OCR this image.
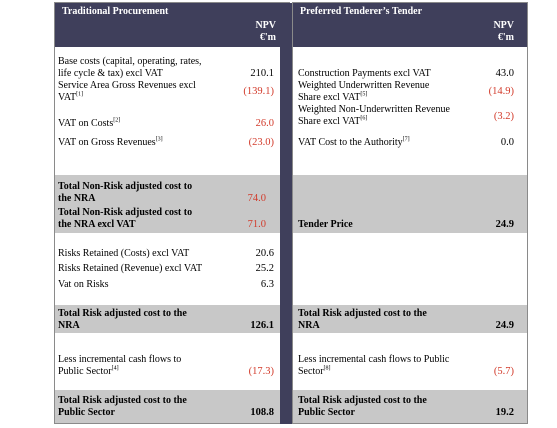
Traditional Procurement
NPV
€'m
Preferred Tenderer’s Tender
NPV
€'m
Base costs (capital, operating, rates,
life cycle & tax) excl VAT	210.1
Service Area Gross Revenues excl
VAT[1]	(139.1)
VAT on Costs[2]	26.0
VAT on Gross Revenues[3]	(23.0)
Total Non-Risk adjusted cost to
the NRA	74.0
Total Non-Risk adjusted cost to
the NRA excl VAT	71.0
Risks Retained (Costs) excl VAT	20.6
Risks Retained (Revenue) excl VAT	25.2
Vat on Risks	6.3
Total Risk adjusted cost to the
NRA	126.1
Less incremental cash flows to
Public Sector[4]	(17.3)
Total Risk adjusted cost to the
Public Sector	108.8
Construction Payments excl VAT	43.0
Weighted Underwritten Revenue
Share excl VAT[5]	(14.9)
Weighted Non-Underwritten Revenue
Share excl VAT[6]	(3.2)
VAT Cost to the Authority[7]	0.0
Tender Price	24.9
Total Risk adjusted cost to the
NRA	24.9
Less incremental cash flows to Public
Sector[8]	(5.7)
Total Risk adjusted cost to the
Public Sector	19.2
